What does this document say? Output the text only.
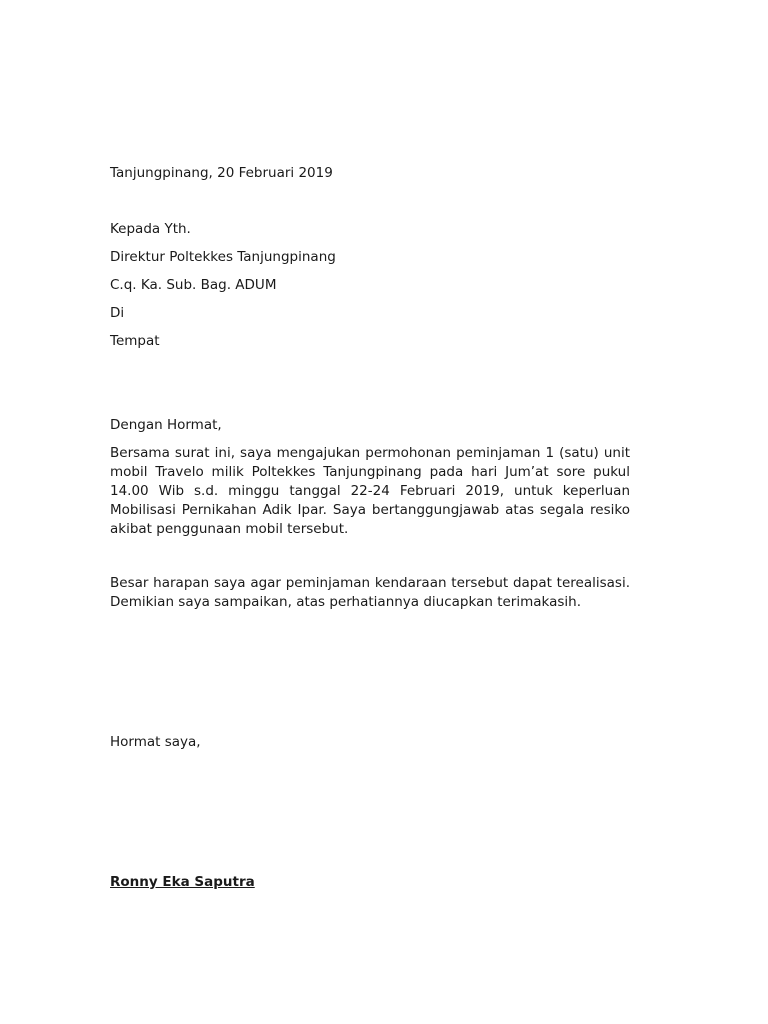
Tanjungpinang, 20 Februari 2019
Kepada Yth.
Direktur Poltekkes Tanjungpinang
C.q. Ka. Sub. Bag. ADUM
Di
Tempat
Dengan Hormat,
Bersama surat ini, saya mengajukan permohonan peminjaman 1 (satu) unit mobil Travelo milik Poltekkes Tanjungpinang pada hari Jum’at sore pukul 14.00 Wib s.d. minggu tanggal 22-24 Februari 2019, untuk keperluan Mobilisasi Pernikahan Adik Ipar. Saya bertanggungjawab atas segala resiko akibat penggunaan mobil tersebut.
Besar harapan saya agar peminjaman kendaraan tersebut dapat terealisasi. Demikian saya sampaikan, atas perhatiannya diucapkan terimakasih.
Hormat saya,
Ronny Eka Saputra
